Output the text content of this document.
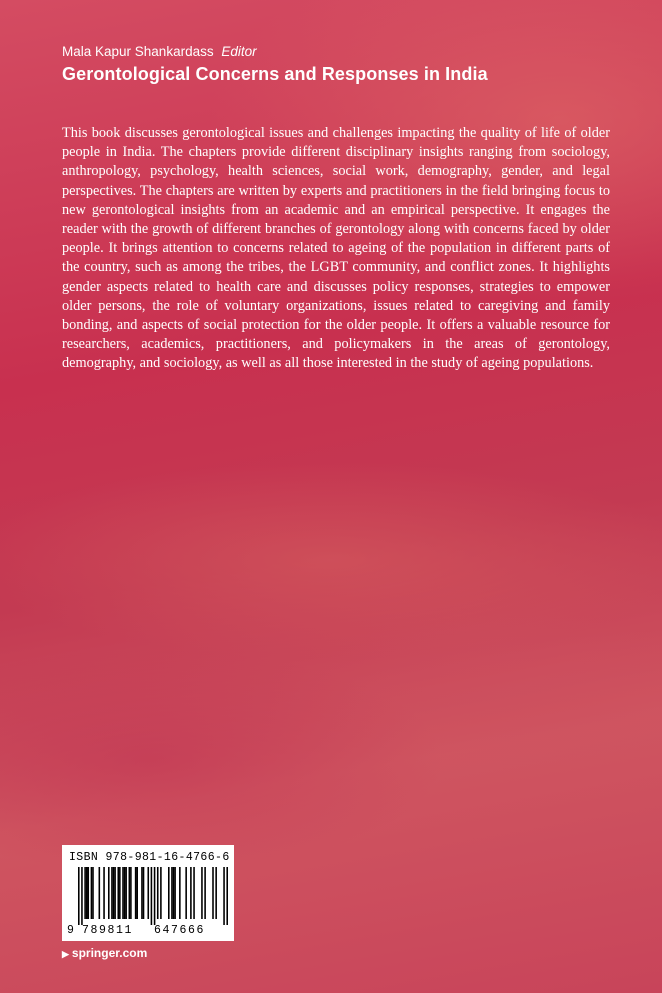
Mala Kapur Shankardass Editor
Gerontological Concerns and Responses in India

This book discusses gerontological issues and challenges impacting the quality of life of older people in India. The chapters provide different disciplinary insights ranging from sociology, anthropology, psychology, health sciences, social work, demography, gender, and legal perspectives. The chapters are written by experts and practitioners in the field bringing focus to new gerontological insights from an academic and an empirical perspective. It engages the reader with the growth of different branches of gerontology along with concerns faced by older people. It brings attention to concerns related to ageing of the population in different parts of the country, such as among the tribes, the LGBT community, and conflict zones. It highlights gender aspects related to health care and discusses policy responses, strategies to empower older persons, the role of voluntary organizations, issues related to caregiving and family bonding, and aspects of social protection for the older people. It offers a valuable resource for researchers, academics, practitioners, and policymakers in the areas of gerontology, demography, and sociology, as well as all those interested in the study of ageing populations.

ISBN 978-981-16-4766-6
9 789811 647666
▶ springer.com
